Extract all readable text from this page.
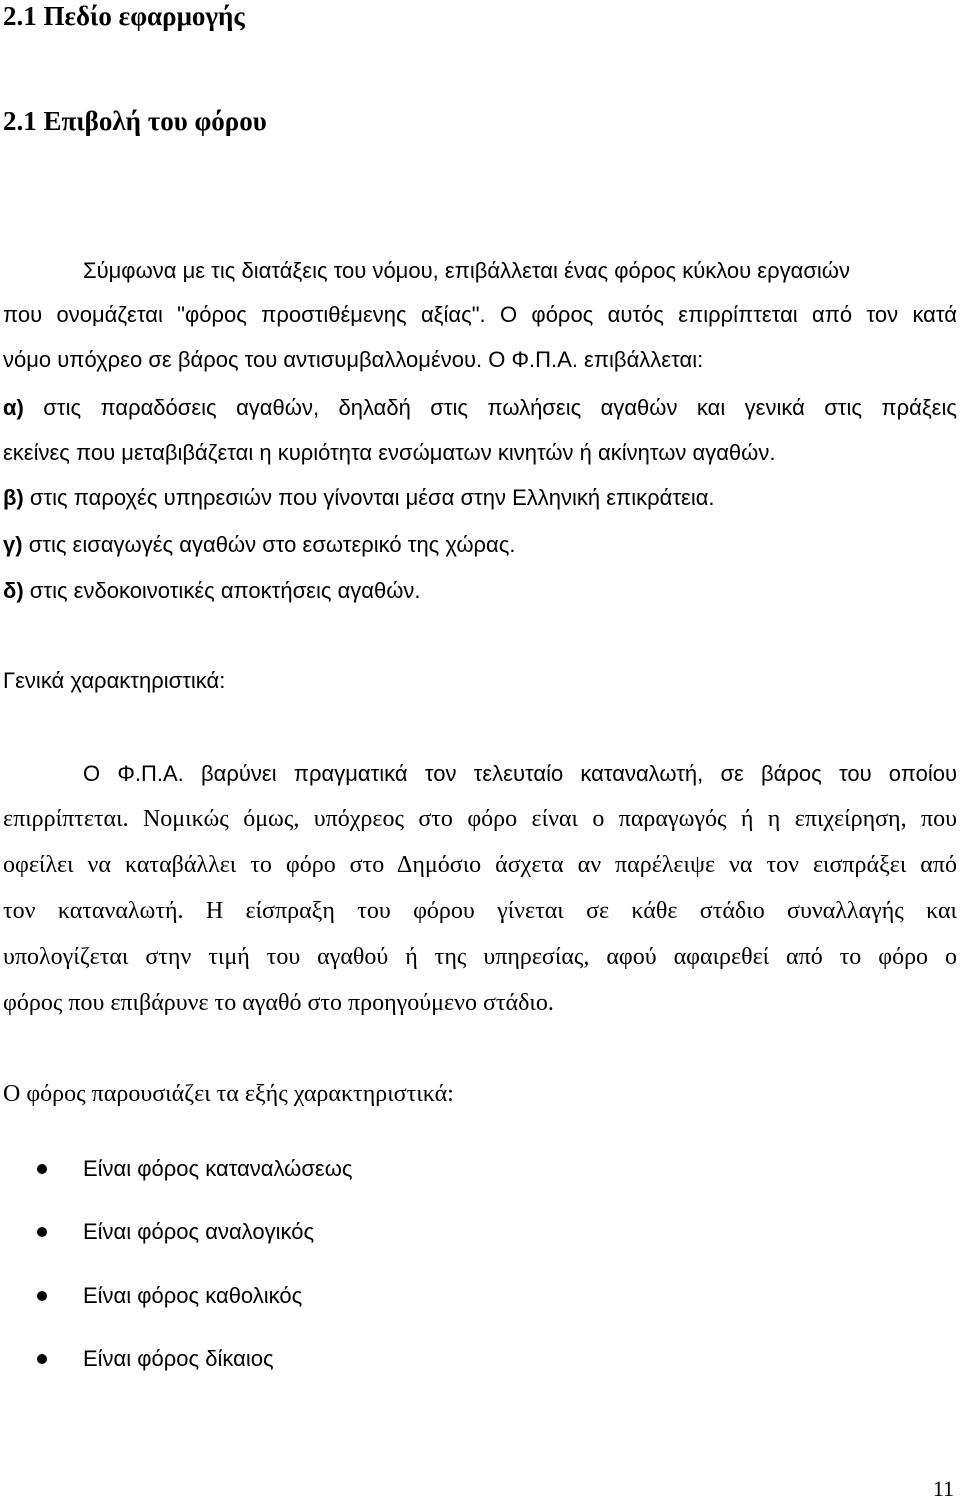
2.1 Πεδίο εφαρμογής
2.1 Επιβολή του φόρου
Σύμφωνα με τις διατάξεις του νόμου, επιβάλλεται ένας φόρος κύκλου εργασιών
που ονομάζεται "φόρος προστιθέμενης αξίας". Ο φόρος αυτός επιρρίπτεται από τον κατά
νόμο υπόχρεο σε βάρος του αντισυμβαλλομένου. Ο Φ.Π.Α. επιβάλλεται:
α) στις παραδόσεις αγαθών, δηλαδή στις πωλήσεις αγαθών και γενικά στις πράξεις
εκείνες που μεταβιβάζεται η κυριότητα ενσώματων κινητών ή ακίνητων αγαθών.
β) στις παροχές υπηρεσιών που γίνονται μέσα στην Ελληνική επικράτεια.
γ) στις εισαγωγές αγαθών στο εσωτερικό της χώρας.
δ) στις ενδοκοινοτικές αποκτήσεις αγαθών.
Γενικά χαρακτηριστικά:
Ο Φ.Π.Α. βαρύνει πραγματικά τον τελευταίο καταναλωτή, σε βάρος του οποίου
επιρρίπτεται. Νομικώς όμως, υπόχρεος στο φόρο είναι ο παραγωγός ή η επιχείρηση, που
οφείλει να καταβάλλει το φόρο στο Δημόσιο άσχετα αν παρέλειψε να τον εισπράξει από
τον καταναλωτή. Η είσπραξη του φόρου γίνεται σε κάθε στάδιο συναλλαγής και
υπολογίζεται στην τιμή του αγαθού ή της υπηρεσίας, αφού αφαιρεθεί από το φόρο ο
φόρος που επιβάρυνε το αγαθό στο προηγούμενο στάδιο.
Ο φόρος παρουσιάζει τα εξής χαρακτηριστικά:
Είναι φόρος καταναλώσεως
Είναι φόρος αναλογικός
Είναι φόρος καθολικός
Είναι φόρος δίκαιος
11
